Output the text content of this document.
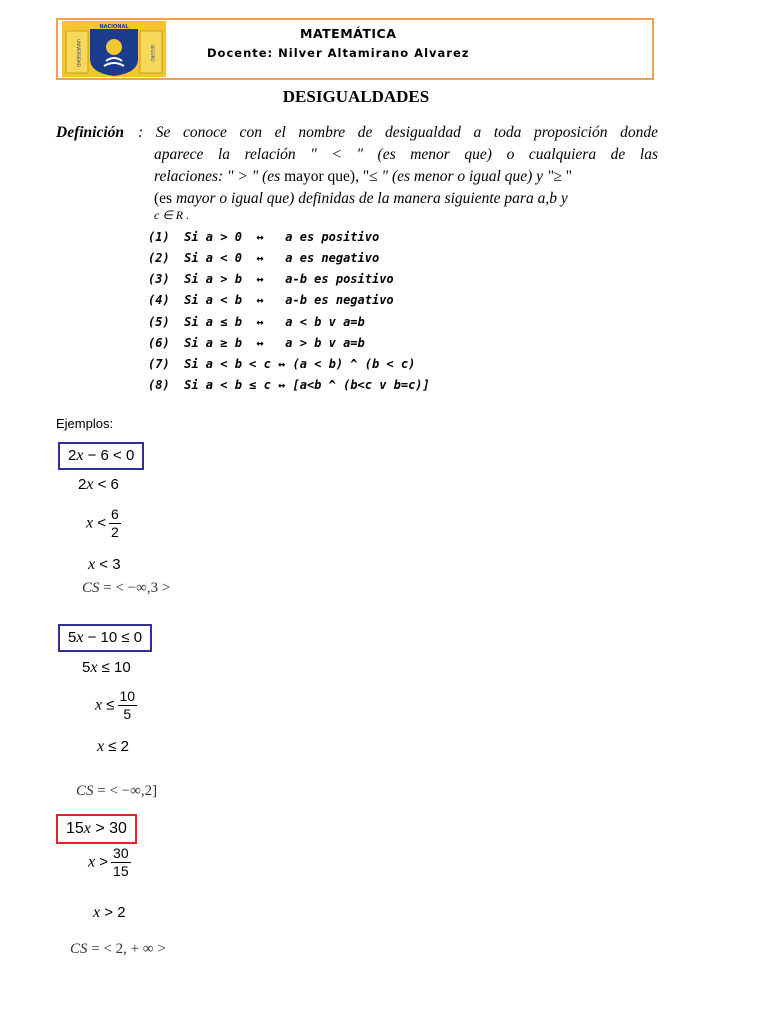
NACIONAL
UNIVERSIDAD	SEGURO
MATEMÁTICA
Docente: Nilver Altamirano Alvarez
DESIGUALDADES
Definición : Se conoce con el nombre de desigualdad a toda proposición donde
aparece la relación " < " (es menor que) o cualquiera de las
relaciones: " > " (es mayor que), "≤ " (es menor o igual que) y "≥ "
(es mayor o igual que) definidas de la manera siguiente para a,b y
c ∈ R .
(1)  Si a > 0  ↔   a es positivo
(2)  Si a < 0  ↔   a es negativo
(3)  Si a > b  ↔   a-b es positivo
(4)  Si a < b  ↔   a-b es negativo
(5)  Si a ≤ b  ↔   a < b v a=b
(6)  Si a ≥ b  ↔   a > b v a=b
(7)  Si a < b < c ↔ (a < b) ^ (b < c)
(8)  Si a < b ≤ c ↔ [a<b ^ (b<c v b=c)]
Ejemplos:
2x − 6 < 0
2x < 6
$x < \frac{6}{2}$
x < 3
CS = < −∞,3 >
5x − 10 ≤ 0
5x ≤ 10
$x \le \frac{10}{5}$
x ≤ 2
CS = < −∞,2]
15x > 30
$x > \frac{30}{15}$
x > 2
CS = < 2, + ∞ >
